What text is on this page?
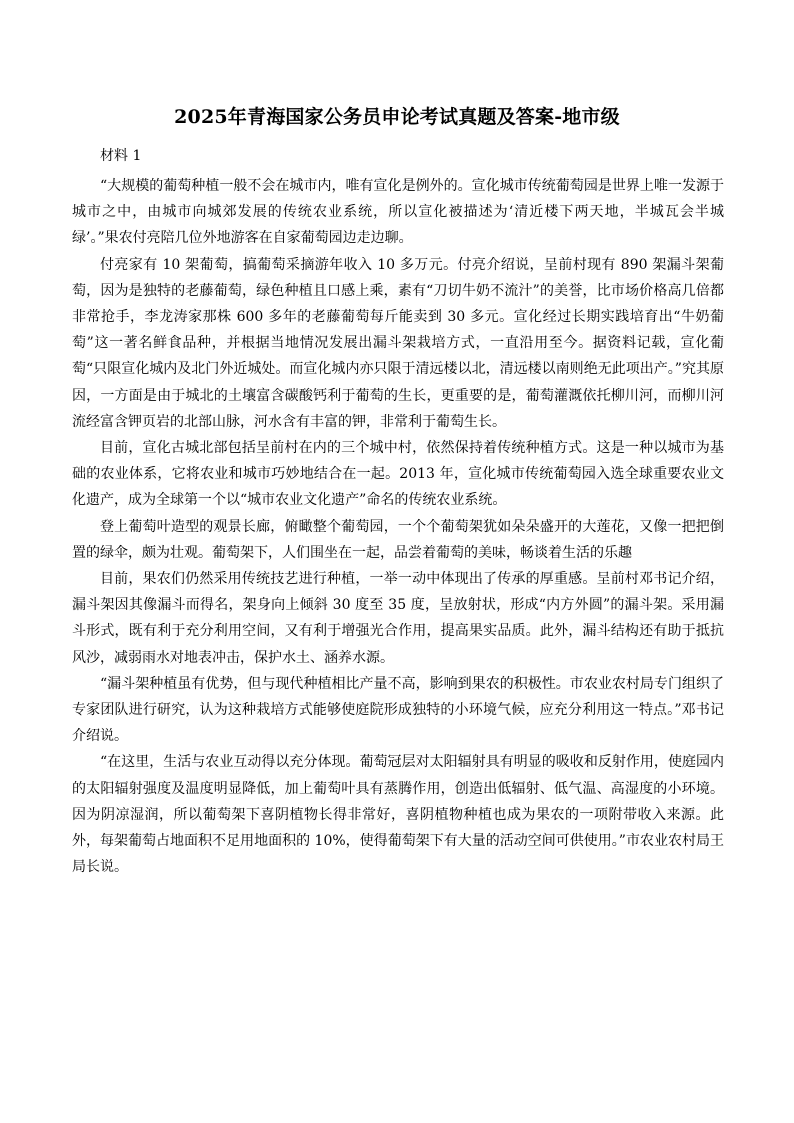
2025年青海国家公务员申论考试真题及答案-地市级
材料 1

“大规模的葡萄种植一般不会在城市内，唯有宣化是例外的。宣化城市传统葡萄园是世界上唯一发源于城市之中，由城市向城郊发展的传统农业系统，所以宣化被描述为‘清近楼下两天地，半城瓦会半城绿’。”果农付亮陪几位外地游客在自家葡萄园边走边聊。

付亮家有 10 架葡萄，搞葡萄采摘游年收入 10 多万元。付亮介绍说，呈前村现有 890 架漏斗架葡萄，因为是独特的老藤葡萄，绿色种植且口感上乘，素有“刀切牛奶不流汁”的美誉，比市场价格高几倍都非常抢手，李龙涛家那株 600 多年的老藤葡萄每斤能卖到 30 多元。宣化经过长期实践培育出“牛奶葡萄”这一著名鲜食品种，并根据当地情况发展出漏斗架栽培方式，一直沿用至今。据资料记载，宣化葡萄“只限宣化城内及北门外近城处。而宣化城内亦只限于清远楼以北，清远楼以南则绝无此项出产。”究其原因，一方面是由于城北的土壤富含碳酸钙利于葡萄的生长，更重要的是，葡萄灌溉依托柳川河，而柳川河流经富含钾页岩的北部山脉，河水含有丰富的钾，非常利于葡萄生长。

目前，宣化古城北部包括呈前村在内的三个城中村，依然保持着传统种植方式。这是一种以城市为基础的农业体系，它将农业和城市巧妙地结合在一起。2013 年，宣化城市传统葡萄园入选全球重要农业文化遗产，成为全球第一个以“城市农业文化遗产”命名的传统农业系统。

登上葡萄叶造型的观景长廊，俯瞰整个葡萄园，一个个葡萄架犹如朵朵盛开的大莲花，又像一把把倒置的绿伞，颇为壮观。葡萄架下，人们围坐在一起，品尝着葡萄的美味，畅谈着生活的乐趣

目前，果农们仍然采用传统技艺进行种植，一举一动中体现出了传承的厚重感。呈前村邓书记介绍，漏斗架因其像漏斗而得名，架身向上倾斜 30 度至 35 度，呈放射状，形成“内方外圆”的漏斗架。采用漏斗形式，既有利于充分利用空间，又有利于增强光合作用，提高果实品质。此外，漏斗结构还有助于抵抗风沙，减弱雨水对地表冲击，保护水土、涵养水源。

“漏斗架种植虽有优势，但与现代种植相比产量不高，影响到果农的积极性。市农业农村局专门组织了专家团队进行研究，认为这种栽培方式能够使庭院形成独特的小环境气候，应充分利用这一特点。”邓书记介绍说。

“在这里，生活与农业互动得以充分体现。葡萄冠层对太阳辐射具有明显的吸收和反射作用，使庭园内的太阳辐射强度及温度明显降低，加上葡萄叶具有蒸腾作用，创造出低辐射、低气温、高湿度的小环境。因为阴凉湿润，所以葡萄架下喜阴植物长得非常好，喜阴植物种植也成为果农的一项附带收入来源。此外，每架葡萄占地面积不足用地面积的 10%，使得葡萄架下有大量的活动空间可供使用。”市农业农村局王局长说。
